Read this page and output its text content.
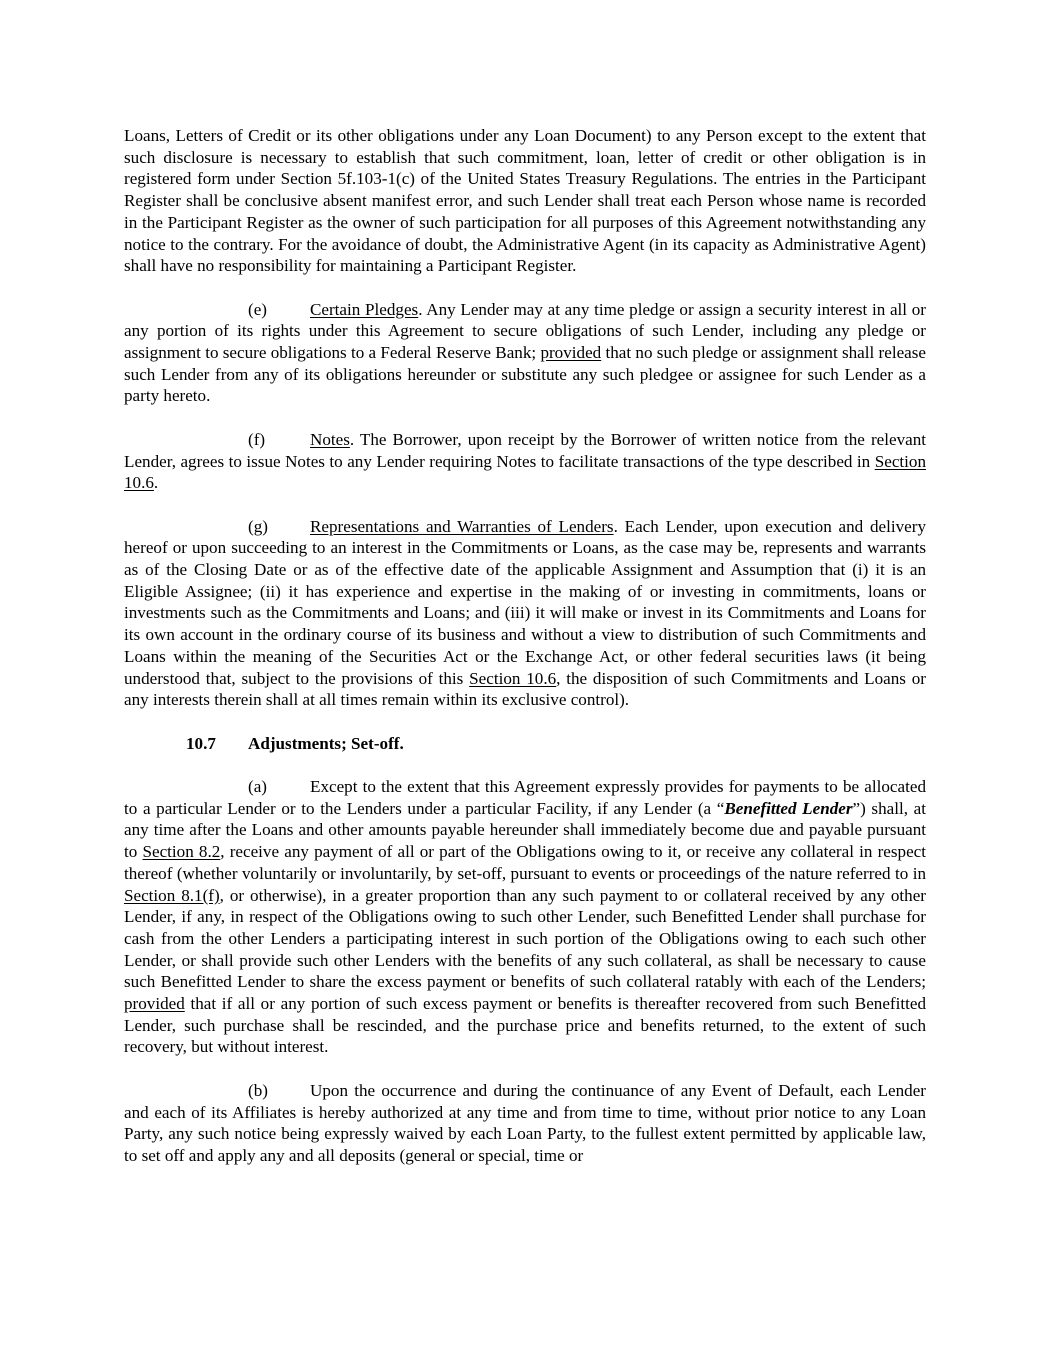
Loans, Letters of Credit or its other obligations under any Loan Document) to any Person except to the extent that such disclosure is necessary to establish that such commitment, loan, letter of credit or other obligation is in registered form under Section 5f.103-1(c) of the United States Treasury Regulations. The entries in the Participant Register shall be conclusive absent manifest error, and such Lender shall treat each Person whose name is recorded in the Participant Register as the owner of such participation for all purposes of this Agreement notwithstanding any notice to the contrary. For the avoidance of doubt, the Administrative Agent (in its capacity as Administrative Agent) shall have no responsibility for maintaining a Participant Register.

(e)	Certain Pledges. Any Lender may at any time pledge or assign a security interest in all or any portion of its rights under this Agreement to secure obligations of such Lender, including any pledge or assignment to secure obligations to a Federal Reserve Bank; provided that no such pledge or assignment shall release such Lender from any of its obligations hereunder or substitute any such pledgee or assignee for such Lender as a party hereto.

(f)	Notes. The Borrower, upon receipt by the Borrower of written notice from the relevant Lender, agrees to issue Notes to any Lender requiring Notes to facilitate transactions of the type described in Section 10.6.

(g) Representations and Warranties of Lenders. Each Lender, upon execution and delivery hereof or upon succeeding to an interest in the Commitments or Loans, as the case may be, represents and warrants as of the Closing Date or as of the effective date of the applicable Assignment and Assumption that (i) it is an Eligible Assignee; (ii) it has experience and expertise in the making of or investing in commitments, loans or investments such as the Commitments and Loans; and (iii) it will make or invest in its Commitments and Loans for its own account in the ordinary course of its business and without a view to distribution of such Commitments and Loans within the meaning of the Securities Act or the Exchange Act, or other federal securities laws (it being understood that, subject to the provisions of this Section 10.6, the disposition of such Commitments and Loans or any interests therein shall at all times remain within its exclusive control).

10.7 Adjustments; Set-off.

(a)	Except to the extent that this Agreement expressly provides for payments to be allocated to a particular Lender or to the Lenders under a particular Facility, if any Lender (a “Benefitted Lender”) shall, at any time after the Loans and other amounts payable hereunder shall immediately become due and payable pursuant to Section 8.2, receive any payment of all or part of the Obligations owing to it, or receive any collateral in respect thereof (whether voluntarily or involuntarily, by set-off, pursuant to events or proceedings of the nature referred to in Section 8.1(f), or otherwise), in a greater proportion than any such payment to or collateral received by any other Lender, if any, in respect of the Obligations owing to such other Lender, such Benefitted Lender shall purchase for cash from the other Lenders a participating interest in such portion of the Obligations owing to each such other Lender, or shall provide such other Lenders with the benefits of any such collateral, as shall be necessary to cause such Benefitted Lender to share the excess payment or benefits of such collateral ratably with each of the Lenders; provided that if all or any portion of such excess payment or benefits is thereafter recovered from such Benefitted Lender, such purchase shall be rescinded, and the purchase price and benefits returned, to the extent of such recovery, but without interest.

(b) Upon the occurrence and during the continuance of any Event of Default, each Lender and each of its Affiliates is hereby authorized at any time and from time to time, without prior notice to any Loan Party, any such notice being expressly waived by each Loan Party, to the fullest extent permitted by applicable law, to set off and apply any and all deposits (general or special, time or
